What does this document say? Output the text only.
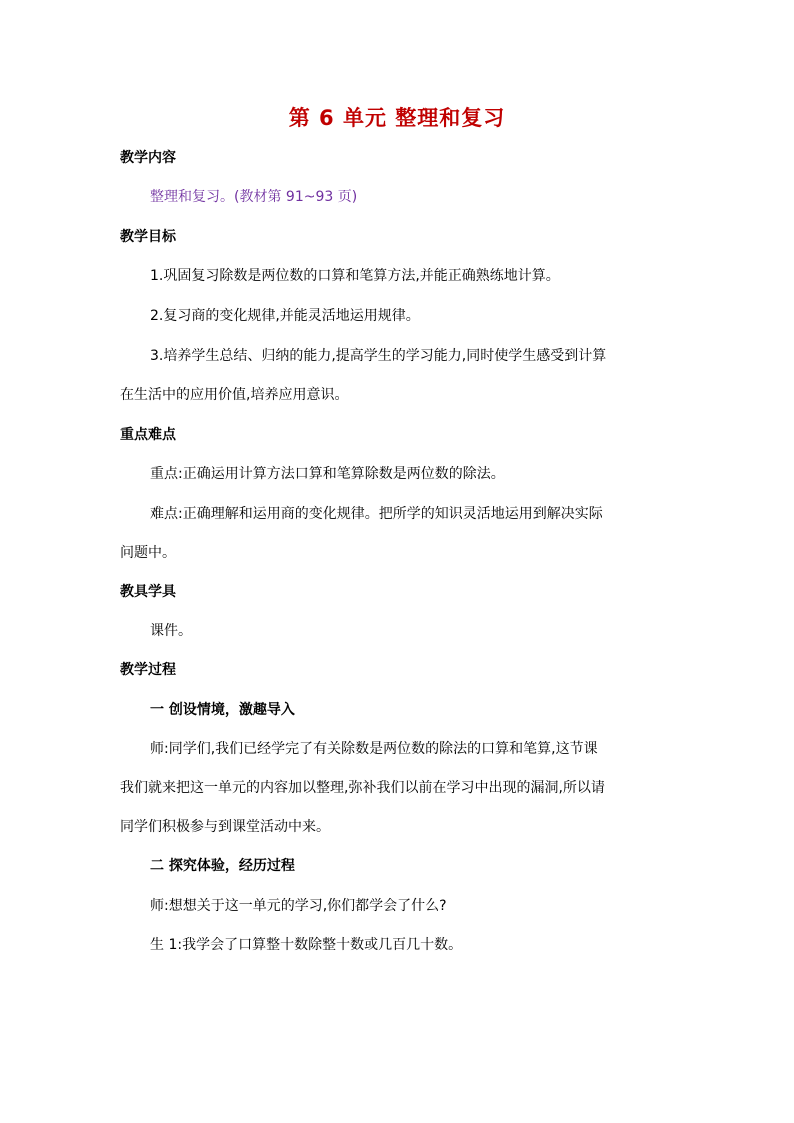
第 6 单元 整理和复习
教学内容
整理和复习。(教材第 91~93 页)
教学目标
1.巩固复习除数是两位数的口算和笔算方法,并能正确熟练地计算。
2.复习商的变化规律,并能灵活地运用规律。
3.培养学生总结、归纳的能力,提高学生的学习能力,同时使学生感受到计算
在生活中的应用价值,培养应用意识。
重点难点
重点:正确运用计算方法口算和笔算除数是两位数的除法。
难点:正确理解和运用商的变化规律。把所学的知识灵活地运用到解决实际
问题中。
教具学具
课件。
教学过程
一 创设情境，激趣导入
师:同学们,我们已经学完了有关除数是两位数的除法的口算和笔算,这节课
我们就来把这一单元的内容加以整理,弥补我们以前在学习中出现的漏洞,所以请
同学们积极参与到课堂活动中来。
二 探究体验，经历过程
师:想想关于这一单元的学习,你们都学会了什么?
生 1:我学会了口算整十数除整十数或几百几十数。
